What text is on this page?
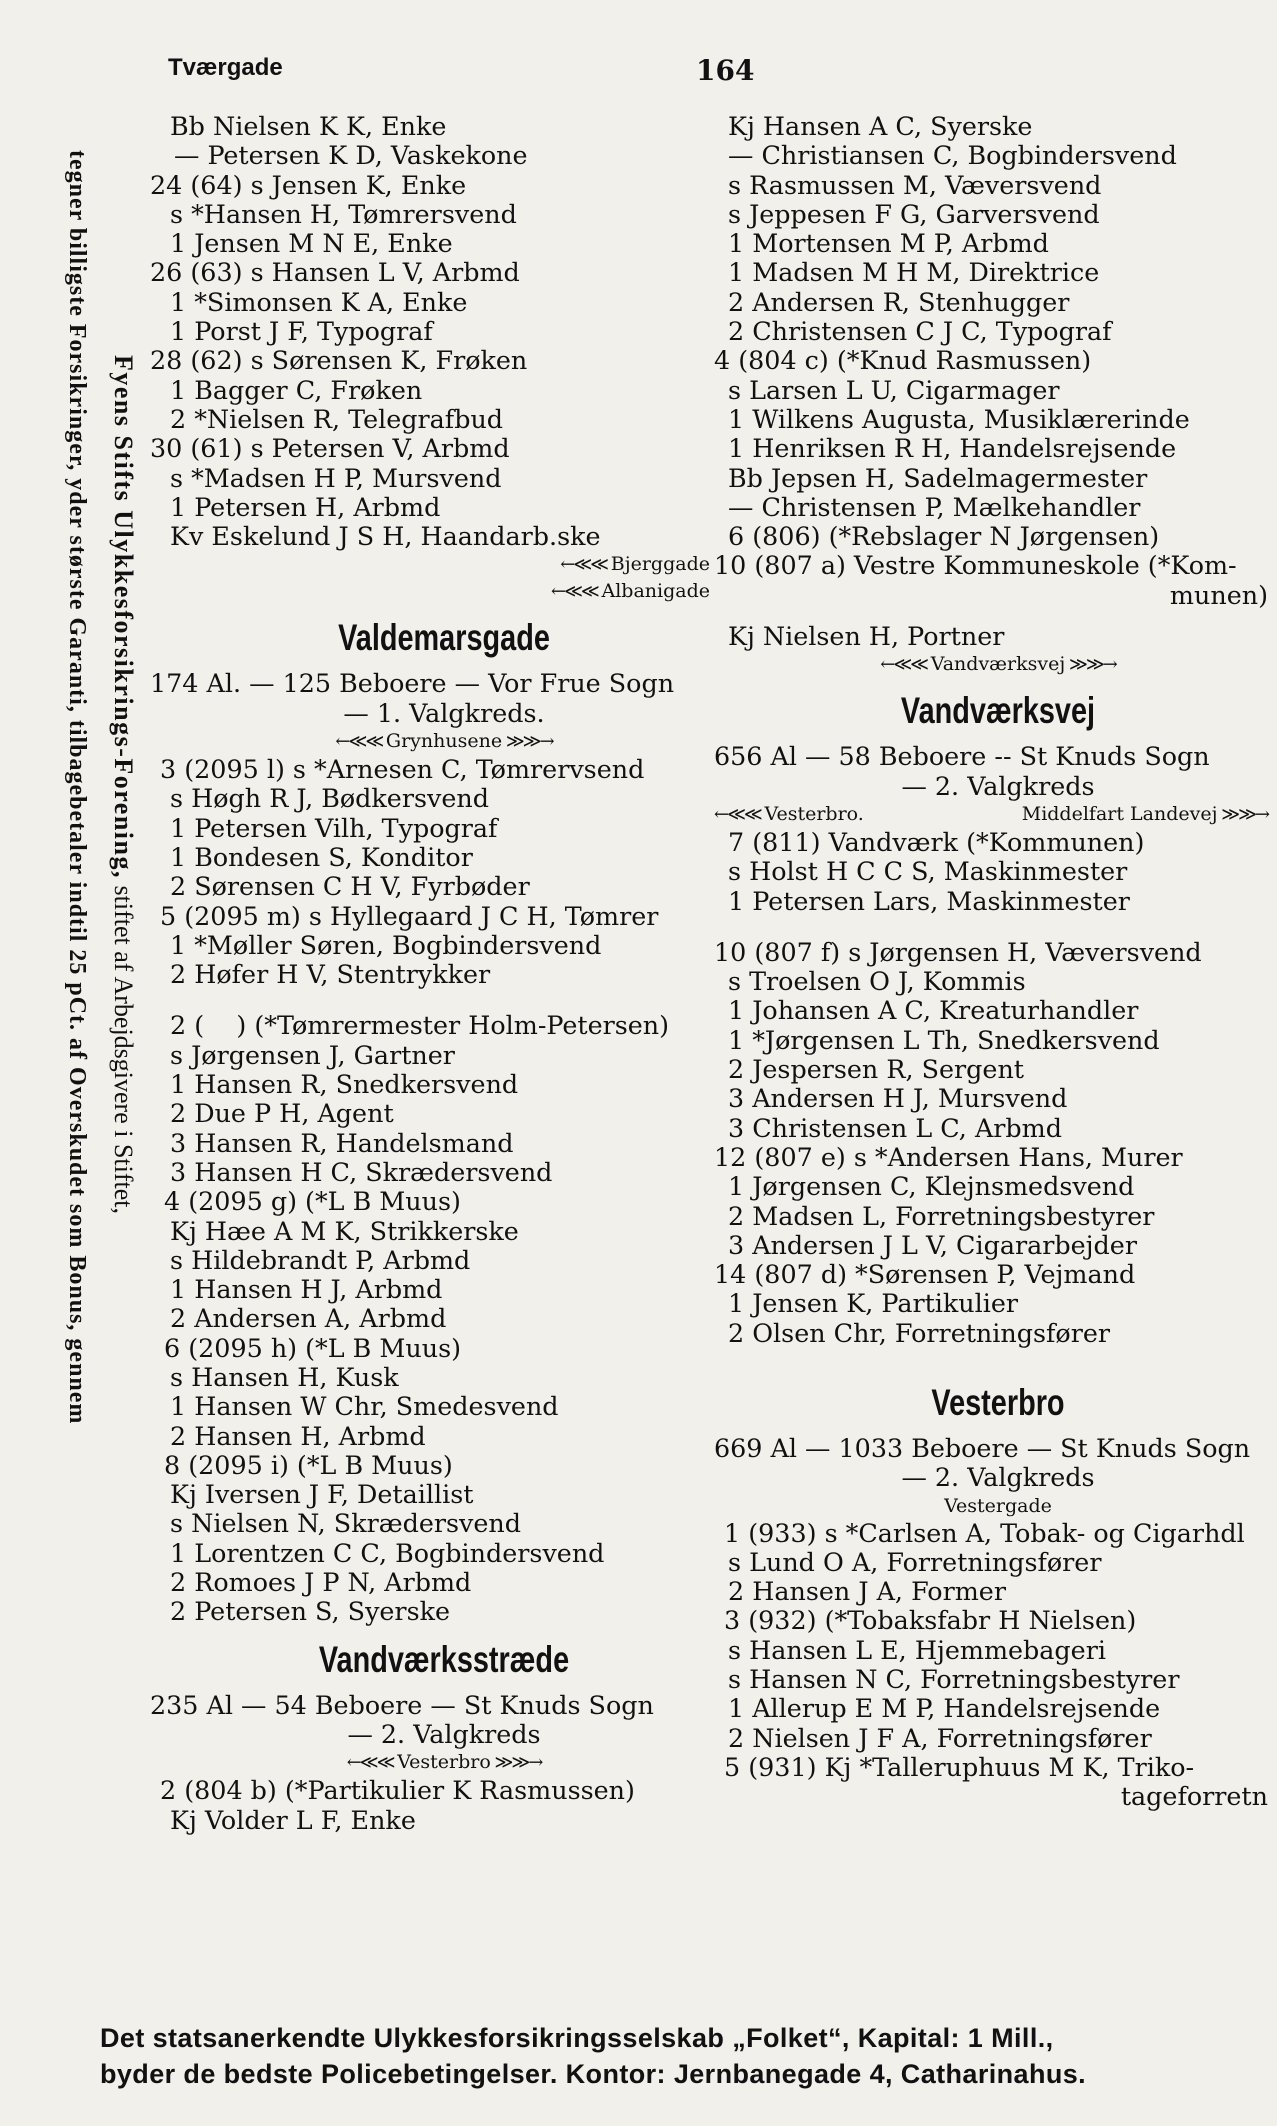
tegner billigste Forsikringer, yder største Garanti, tilbagebetaler indtil 25 pCt. af Overskudet som Bonus, gennem Fyens Stifts Ulykkesforsikrings-Forening, stiftet af Arbejdsgivere i Stiftet,
Tværgade	164
Bb Nielsen K K, Enke
— Petersen K D, Vaskekone
24 (64) s Jensen K, Enke
s *Hansen H, Tømrersvend
1 Jensen M N E, Enke
26 (63) s Hansen L V, Arbmd
1 *Simonsen K A, Enke
1 Porst J F, Typograf
28 (62) s Sørensen K, Frøken
1 Bagger C, Frøken
2 *Nielsen R, Telegrafbud
30 (61) s Petersen V, Arbmd
s *Madsen H P, Mursvend
1 Petersen H, Arbmd
Kv Eskelund J S H, Haandarb.ske
←≪≪ Bjerggade
←≪≪ Albanigade
Valdemarsgade
174 Al. — 125 Beboere — Vor Frue Sogn
— 1. Valgkreds.
←≪≪ Grynhusene ≫≫→
3 (2095 l) s *Arnesen C, Tømrervsend
s Høgh R J, Bødkersvend
1 Petersen Vilh, Typograf
1 Bondesen S, Konditor
2 Sørensen C H V, Fyrbøder
5 (2095 m) s Hyllegaard J C H, Tømrer
1 *Møller Søren, Bogbindersvend
2 Høfer H V, Stentrykker
2 (    ) (*Tømrermester Holm-Petersen)
s Jørgensen J, Gartner
1 Hansen R, Snedkersvend
2 Due P H, Agent
3 Hansen R, Handelsmand
3 Hansen H C, Skrædersvend
4 (2095 g) (*L B Muus)
Kj Hæe A M K, Strikkerske
s Hildebrandt P, Arbmd
1 Hansen H J, Arbmd
2 Andersen A, Arbmd
6 (2095 h) (*L B Muus)
s Hansen H, Kusk
1 Hansen W Chr, Smedesvend
2 Hansen H, Arbmd
8 (2095 i) (*L B Muus)
Kj Iversen J F, Detaillist
s Nielsen N, Skrædersvend
1 Lorentzen C C, Bogbindersvend
2 Romoes J P N, Arbmd
2 Petersen S, Syerske
Vandværksstræde
235 Al — 54 Beboere — St Knuds Sogn
— 2. Valgkreds
←≪≪ Vesterbro ≫≫→
2 (804 b) (*Partikulier K Rasmussen)
Kj Volder L F, Enke
Kj Hansen A C, Syerske
— Christiansen C, Bogbindersvend
s Rasmussen M, Væversvend
s Jeppesen F G, Garversvend
1 Mortensen M P, Arbmd
1 Madsen M H M, Direktrice
2 Andersen R, Stenhugger
2 Christensen C J C, Typograf
4 (804 c) (*Knud Rasmussen)
s Larsen L U, Cigarmager
1 Wilkens Augusta, Musiklærerinde
1 Henriksen R H, Handelsrejsende
Bb Jepsen H, Sadelmagermester
— Christensen P, Mælkehandler
6 (806) (*Rebslager N Jørgensen)
10 (807 a) Vestre Kommuneskole (*Kom-
munen)
Kj Nielsen H, Portner
←≪≪ Vandværksvej ≫≫→
Vandværksvej
656 Al — 58 Beboere -- St Knuds Sogn
— 2. Valgkreds
←≪≪ Vesterbro.	Middelfart Landevej ≫≫→
7 (811) Vandværk (*Kommunen)
s Holst H C C S, Maskinmester
1 Petersen Lars, Maskinmester
10 (807 f) s Jørgensen H, Væversvend
s Troelsen O J, Kommis
1 Johansen A C, Kreaturhandler
1 *Jørgensen L Th, Snedkersvend
2 Jespersen R, Sergent
3 Andersen H J, Mursvend
3 Christensen L C, Arbmd
12 (807 e) s *Andersen Hans, Murer
1 Jørgensen C, Klejnsmedsvend
2 Madsen L, Forretningsbestyrer
3 Andersen J L V, Cigararbejder
14 (807 d) *Sørensen P, Vejmand
1 Jensen K, Partikulier
2 Olsen Chr, Forretningsfører
Vesterbro
669 Al — 1033 Beboere — St Knuds Sogn
— 2. Valgkreds
Vestergade
1 (933) s *Carlsen A, Tobak- og Cigarhdl
s Lund O A, Forretningsfører
2 Hansen J A, Former
3 (932) (*Tobaksfabr H Nielsen)
s Hansen L E, Hjemmebageri
s Hansen N C, Forretningsbestyrer
1 Allerup E M P, Handelsrejsende
2 Nielsen J F A, Forretningsfører
5 (931) Kj *Talleruphuus M K, Triko-
tageforretn
Det statsanerkendte Ulykkesforsikringsselskab „Folket“, Kapital: 1 Mill.,
byder de bedste Policebetingelser. Kontor: Jernbanegade 4, Catharinahus.
